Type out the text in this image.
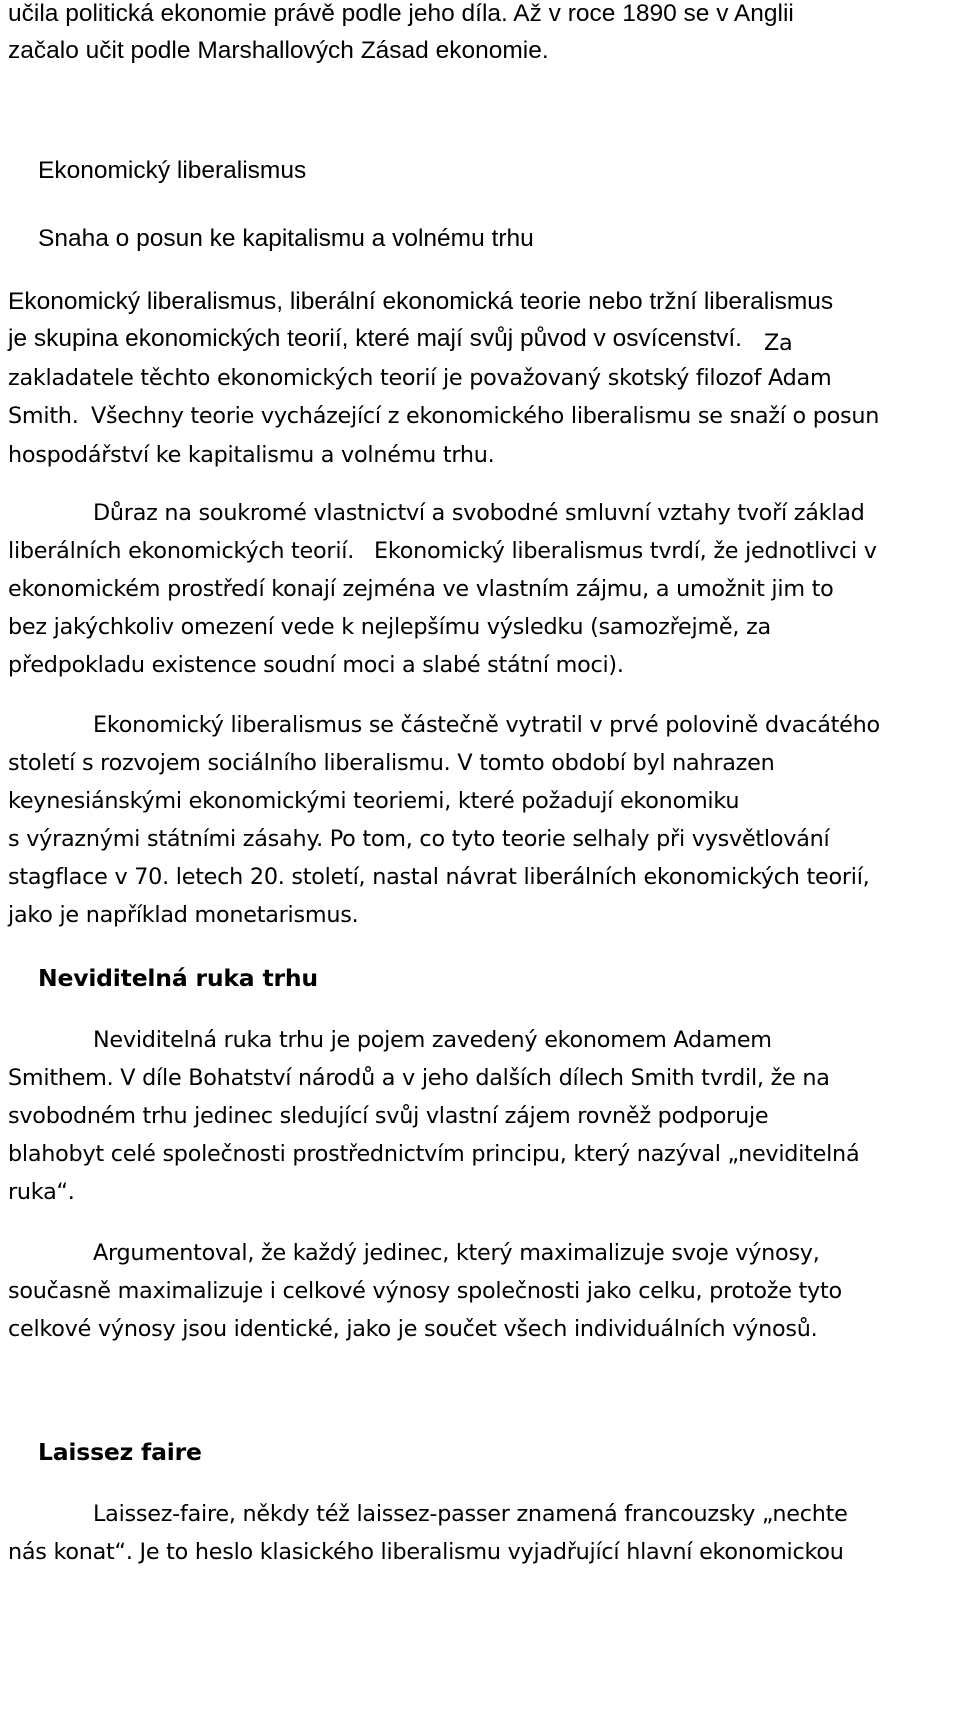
učila politická ekonomie právě podle jeho díla. Až v roce 1890 se v Anglii
začalo učit podle Marshallových Zásad ekonomie.
Ekonomický liberalismus
Snaha o posun ke kapitalismu a volnému trhu
Ekonomický liberalismus, liberální ekonomická teorie nebo tržní liberalismus
je skupina ekonomických teorií, které mají svůj původ v osvícenství. Za
zakladatele těchto ekonomických teorií je považovaný skotský filozof Adam
Smith. Všechny teorie vycházející z ekonomického liberalismu se snaží o posun
hospodářství ke kapitalismu a volnému trhu.
Důraz na soukromé vlastnictví a svobodné smluvní vztahy tvoří základ
liberálních ekonomických teorií. Ekonomický liberalismus tvrdí, že jednotlivci v
ekonomickém prostředí konají zejména ve vlastním zájmu, a umožnit jim to
bez jakýchkoliv omezení vede k nejlepšímu výsledku (samozřejmě, za
předpokladu existence soudní moci a slabé státní moci).
Ekonomický liberalismus se částečně vytratil v prvé polovině dvacátého
století s rozvojem sociálního liberalismu. V tomto období byl nahrazen
keynesiánskými ekonomickými teoriemi, které požadují ekonomiku
s výraznými státními zásahy. Po tom, co tyto teorie selhaly při vysvětlování
stagflace v 70. letech 20. století, nastal návrat liberálních ekonomických teorií,
jako je například monetarismus.
Neviditelná ruka trhu
Neviditelná ruka trhu je pojem zavedený ekonomem Adamem
Smithem. V díle Bohatství národů a v jeho dalších dílech Smith tvrdil, že na
svobodném trhu jedinec sledující svůj vlastní zájem rovněž podporuje
blahobyt celé společnosti prostřednictvím principu, který nazýval „neviditelná
ruka“.
Argumentoval, že každý jedinec, který maximalizuje svoje výnosy,
současně maximalizuje i celkové výnosy společnosti jako celku, protože tyto
celkové výnosy jsou identické, jako je součet všech individuálních výnosů.
Laissez faire
Laissez-faire, někdy též laissez-passer znamená francouzsky „nechte
nás konat“. Je to heslo klasického liberalismu vyjadřující hlavní ekonomickou
